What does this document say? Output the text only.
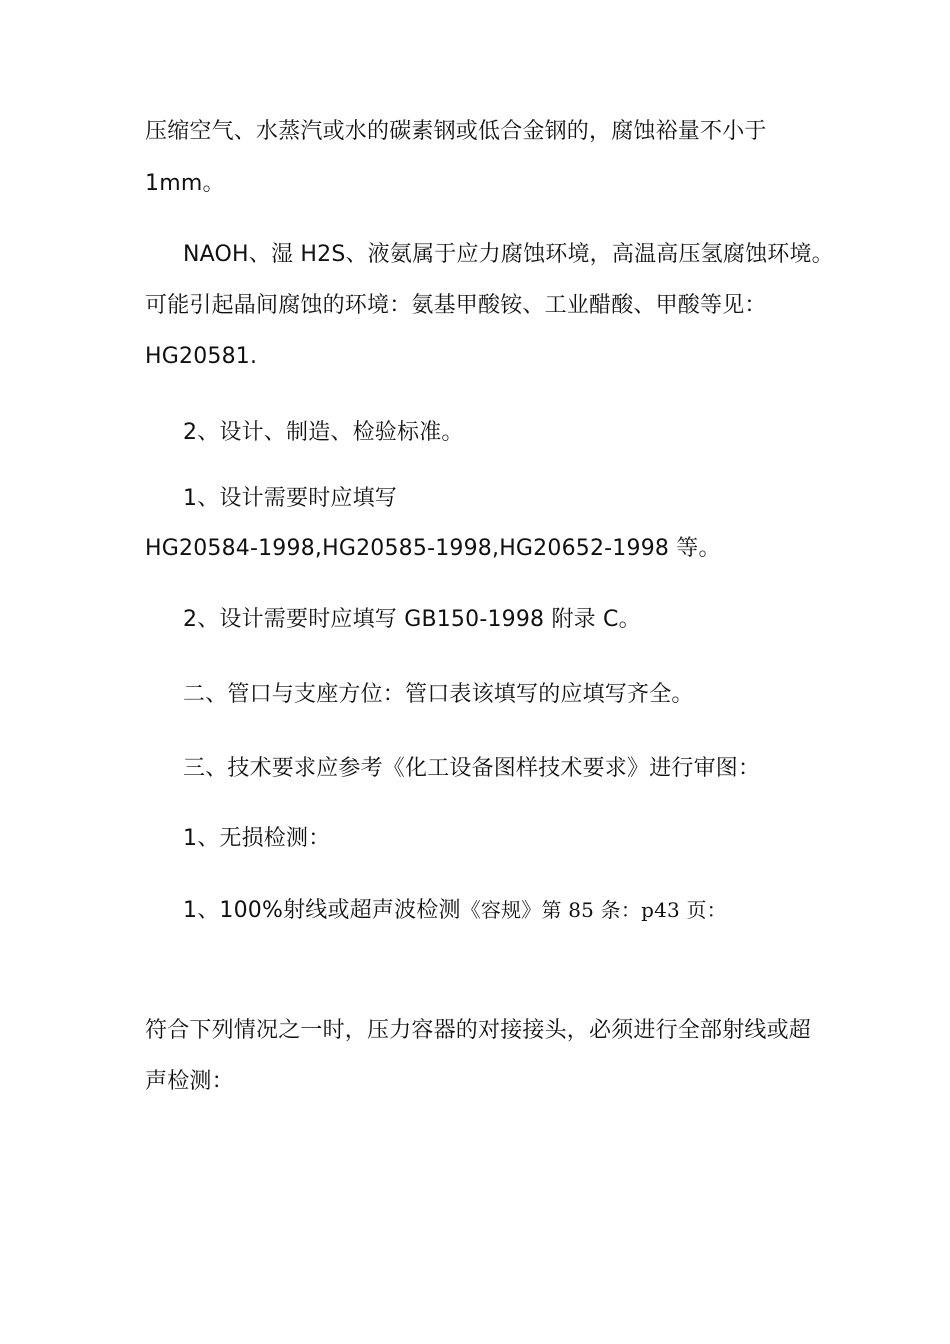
压缩空气、水蒸汽或水的碳素钢或低合金钢的，腐蚀裕量不小于
1mm。
NAOH、湿 H2S、液氨属于应力腐蚀环境，高温高压氢腐蚀环境。
可能引起晶间腐蚀的环境：氨基甲酸铵、工业醋酸、甲酸等见：
HG20581.
2、设计、制造、检验标准。
1、设计需要时应填写
HG20584-1998,HG20585-1998,HG20652-1998 等。
2、设计需要时应填写 GB150-1998 附录 C。
二、管口与支座方位：管口表该填写的应填写齐全。
三、技术要求应参考《化工设备图样技术要求》进行审图：
1、无损检测：
1、100%射线或超声波检测《容规》第 85 条：p43 页：
符合下列情况之一时，压力容器的对接接头，必须进行全部射线或超
声检测：
